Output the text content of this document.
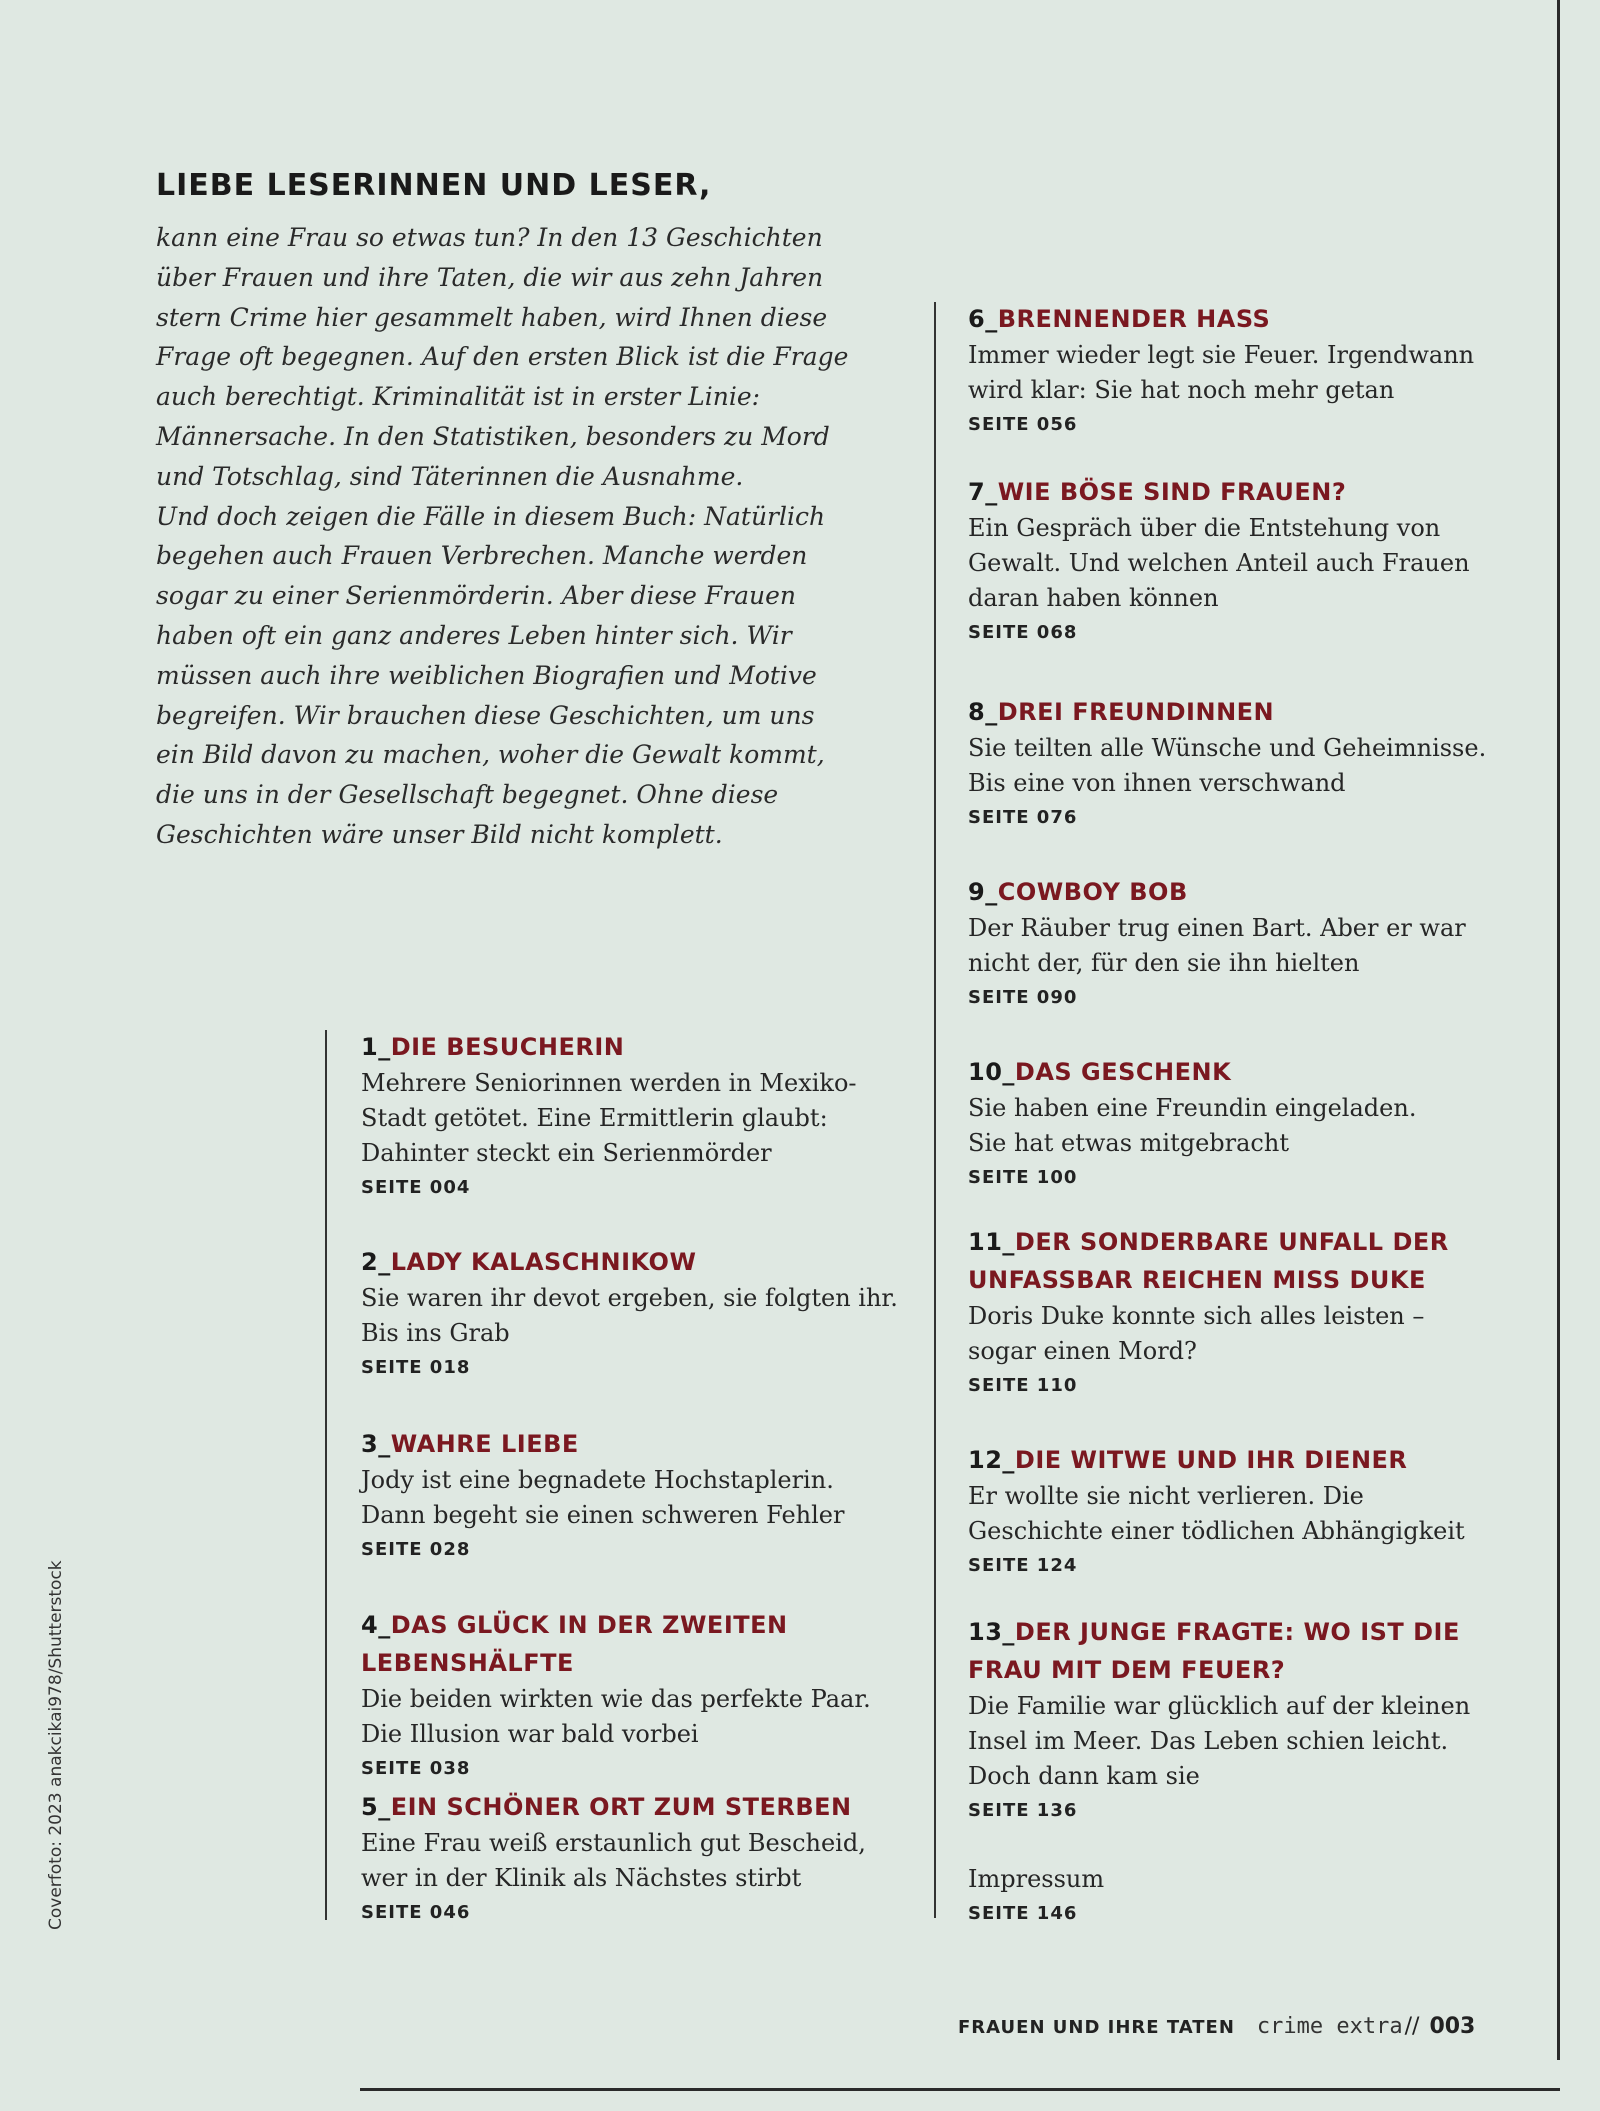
LIEBE LESERINNEN UND LESER,
kann eine Frau so etwas tun? In den 13 Geschichten
über Frauen und ihre Taten, die wir aus zehn Jahren
stern Crime hier gesammelt haben, wird Ihnen diese
Frage oft begegnen. Auf den ersten Blick ist die Frage
auch berechtigt. Kriminalität ist in erster Linie:
Männersache. In den Statistiken, besonders zu Mord
und Totschlag, sind Täterinnen die Ausnahme.
Und doch zeigen die Fälle in diesem Buch: Natürlich
begehen auch Frauen Verbrechen. Manche werden
sogar zu einer Serienmörderin. Aber diese Frauen
haben oft ein ganz anderes Leben hinter sich. Wir
müssen auch ihre weiblichen Biografien und Motive
begreifen. Wir brauchen diese Geschichten, um uns
ein Bild davon zu machen, woher die Gewalt kommt,
die uns in der Gesellschaft begegnet. Ohne diese
Geschichten wäre unser Bild nicht komplett.

1_DIE BESUCHERIN

Mehrere Seniorinnen werden in Mexiko-
Stadt getötet. Eine Ermittlerin glaubt:
Dahinter steckt ein Serienmörder

SEITE 004

2_LADY KALASCHNIKOW

Sie waren ihr devot ergeben, sie folgten ihr.
Bis ins Grab

SEITE 018

3_WAHRE LIEBE

Jody ist eine begnadete Hochstaplerin.
Dann begeht sie einen schweren Fehler

SEITE 028

4_DAS GLÜCK IN DER ZWEITEN LEBENSHÄLFTE

Die beiden wirkten wie das perfekte Paar.
Die Illusion war bald vorbei

SEITE 038

5_EIN SCHÖNER ORT ZUM STERBEN

Eine Frau weiß erstaunlich gut Bescheid,
wer in der Klinik als Nächstes stirbt

SEITE 046

6_BRENNENDER HASS

Immer wieder legt sie Feuer. Irgendwann
wird klar: Sie hat noch mehr getan

SEITE 056

7_WIE BÖSE SIND FRAUEN?

Ein Gespräch über die Entstehung von
Gewalt. Und welchen Anteil auch Frauen
daran haben können

SEITE 068

8_DREI FREUNDINNEN

Sie teilten alle Wünsche und Geheimnisse.
Bis eine von ihnen verschwand

SEITE 076

9_COWBOY BOB

Der Räuber trug einen Bart. Aber er war
nicht der, für den sie ihn hielten

SEITE 090

10_DAS GESCHENK

Sie haben eine Freundin eingeladen.
Sie hat etwas mitgebracht

SEITE 100

11_DER SONDERBARE UNFALL DER

UNFASSBAR REICHEN MISS DUKE

Doris Duke konnte sich alles leisten –
sogar einen Mord?

SEITE 110

12_DIE WITWE UND IHR DIENER

Er wollte sie nicht verlieren. Die
Geschichte einer tödlichen Abhängigkeit

SEITE 124

13_DER JUNGE FRAGTE: WO IST DIE

FRAU MIT DEM FEUER?

Die Familie war glücklich auf der kleinen
Insel im Meer. Das Leben schien leicht.
Doch dann kam sie

SEITE 136

Impressum

SEITE 146

Coverfoto: 2023 anakcikai978/Shutterstock
FRAUEN UND IHRE TATEN crime extra// 003
